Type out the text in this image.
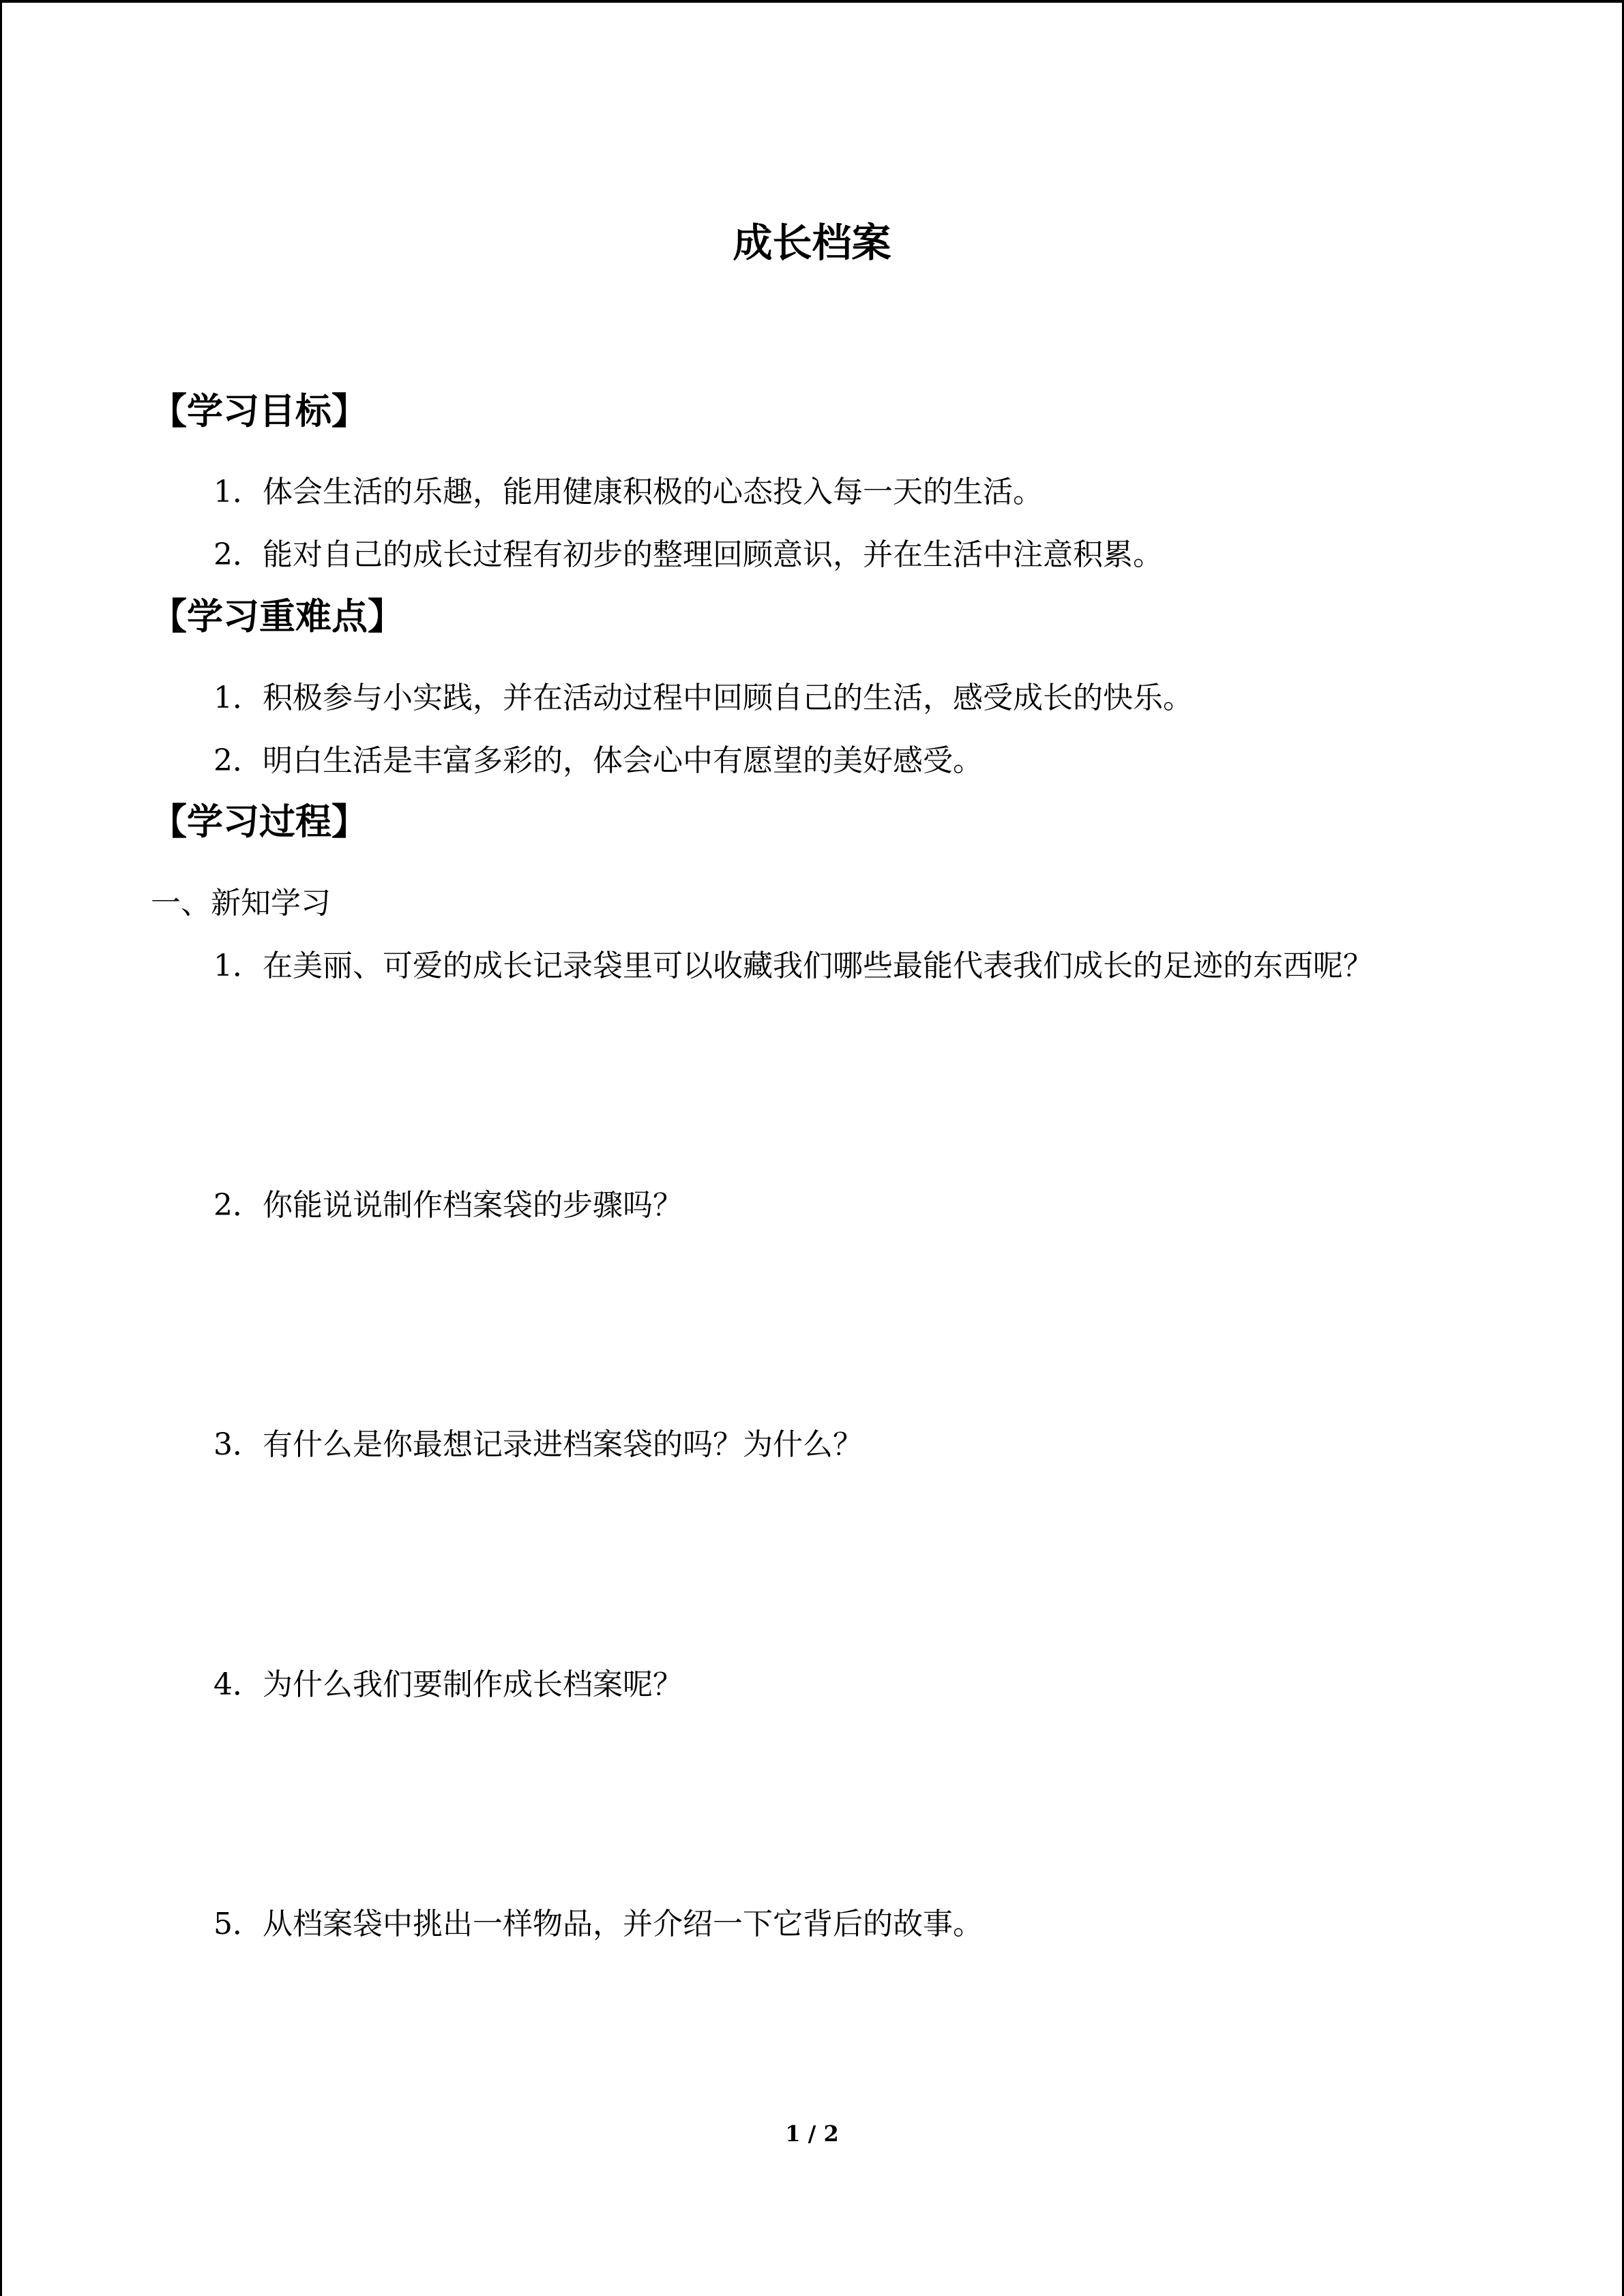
成长档案
【学习目标】
1．体会生活的乐趣，能用健康积极的心态投入每一天的生活。
2．能对自己的成长过程有初步的整理回顾意识，并在生活中注意积累。
【学习重难点】
1．积极参与小实践，并在活动过程中回顾自己的生活，感受成长的快乐。
2．明白生活是丰富多彩的，体会心中有愿望的美好感受。
【学习过程】
一、新知学习
1．在美丽、可爱的成长记录袋里可以收藏我们哪些最能代表我们成长的足迹的东西呢？
2．你能说说制作档案袋的步骤吗？
3．有什么是你最想记录进档案袋的吗？为什么？
4．为什么我们要制作成长档案呢？
5．从档案袋中挑出一样物品，并介绍一下它背后的故事。
1 / 2
